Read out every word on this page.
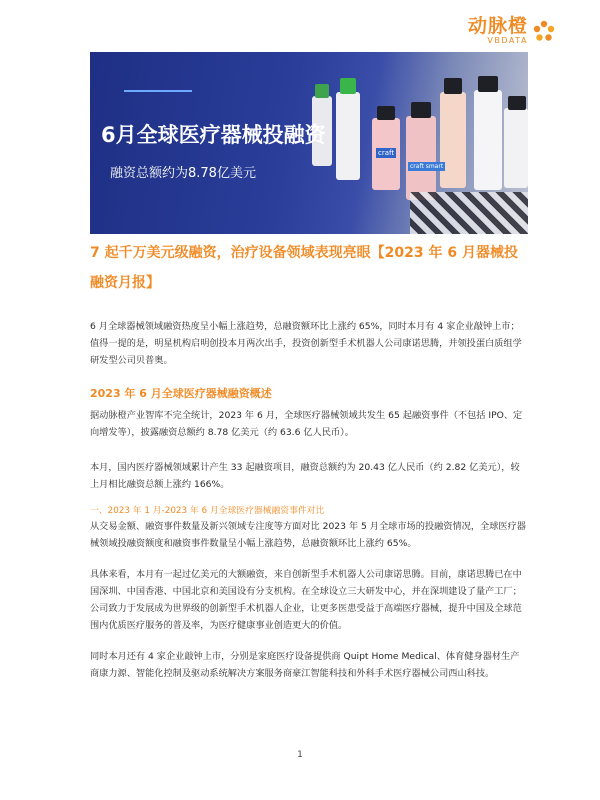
动脉橙
VBDATA
craft
craft smart
6月全球医疗器械投融资
融资总额约为8.78亿美元
7 起千万美元级融资，治疗设备领域表现亮眼【2023 年 6 月器械投融资月报】
6 月全球器械领域融资热度呈小幅上涨趋势，总融资额环比上涨约 65%，同时本月有 4 家企业敲钟上市；值得一提的是，明星机构启明创投本月两次出手，投资创新型手术机器人公司康诺思腾，并领投蛋白质组学研发型公司贝普奥。
2023 年 6 月全球医疗器械融资概述
据动脉橙产业智库不完全统计，2023 年 6 月，全球医疗器械领域共发生 65 起融资事件（不包括 IPO、定向增发等），披露融资总额约 8.78 亿美元（约 63.6 亿人民币）。
本月，国内医疗器械领域累计产生 33 起融资项目，融资总额约为 20.43 亿人民币（约 2.82 亿美元），较上月相比融资总额上涨约 166%。
一、2023 年 1 月-2023 年 6 月全球医疗器械融资事件对比
从交易金额、融资事件数量及新兴领域专注度等方面对比 2023 年 5 月全球市场的投融资情况，全球医疗器械领域投融资额度和融资事件数量呈小幅上涨趋势，总融资额环比上涨约 65%。
具体来看，本月有一起过亿美元的大额融资，来自创新型手术机器人公司康诺思腾。目前，康诺思腾已在中国深圳、中国香港、中国北京和美国设有分支机构。在全球设立三大研发中心，并在深圳建设了量产工厂；公司致力于发展成为世界级的创新型手术机器人企业，让更多医患受益于高端医疗器械，提升中国及全球范围内优质医疗服务的普及率，为医疗健康事业创造更大的价值。
同时本月还有 4 家企业敲钟上市，分别是家庭医疗设备提供商 Quipt Home Medical、体育健身器材生产商康力源、智能化控制及驱动系统解决方案服务商豪江智能科技和外科手术医疗器械公司西山科技。
1
